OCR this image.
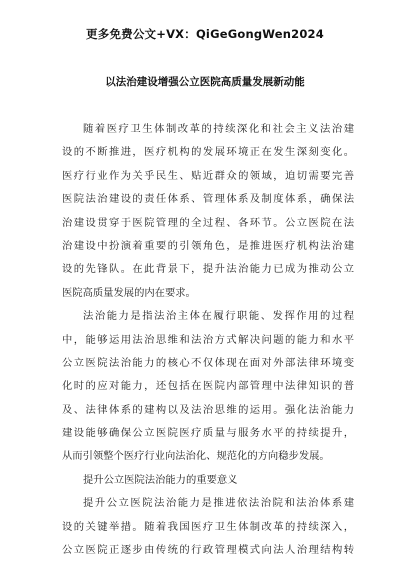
更多免费公文+VX：QiGeGongWen2024
以法治建设增强公立医院高质量发展新动能
随着医疗卫生体制改革的持续深化和社会主义法治建
设的不断推进，医疗机构的发展环境正在发生深刻变化。
医疗行业作为关乎民生、贴近群众的领域，迫切需要完善
医院法治建设的责任体系、管理体系及制度体系，确保法
治建设贯穿于医院管理的全过程、各环节。公立医院在法
治建设中扮演着重要的引领角色，是推进医疗机构法治建
设的先锋队。在此背景下，提升法治能力已成为推动公立
医院高质量发展的内在要求。
法治能力是指法治主体在履行职能、发挥作用的过程
中，能够运用法治思维和法治方式解决问题的能力和水平
公立医院法治能力的核心不仅体现在面对外部法律环境变
化时的应对能力，还包括在医院内部管理中法律知识的普
及、法律体系的建构以及法治思维的运用。强化法治能力
建设能够确保公立医院医疗质量与服务水平的持续提升，
从而引领整个医疗行业向法治化、规范化的方向稳步发展。
提升公立医院法治能力的重要意义
提升公立医院法治能力是推进依法治院和法治体系建
设的关键举措。随着我国医疗卫生体制改革的持续深入，
公立医院正逐步由传统的行政管理模式向法人治理结构转
